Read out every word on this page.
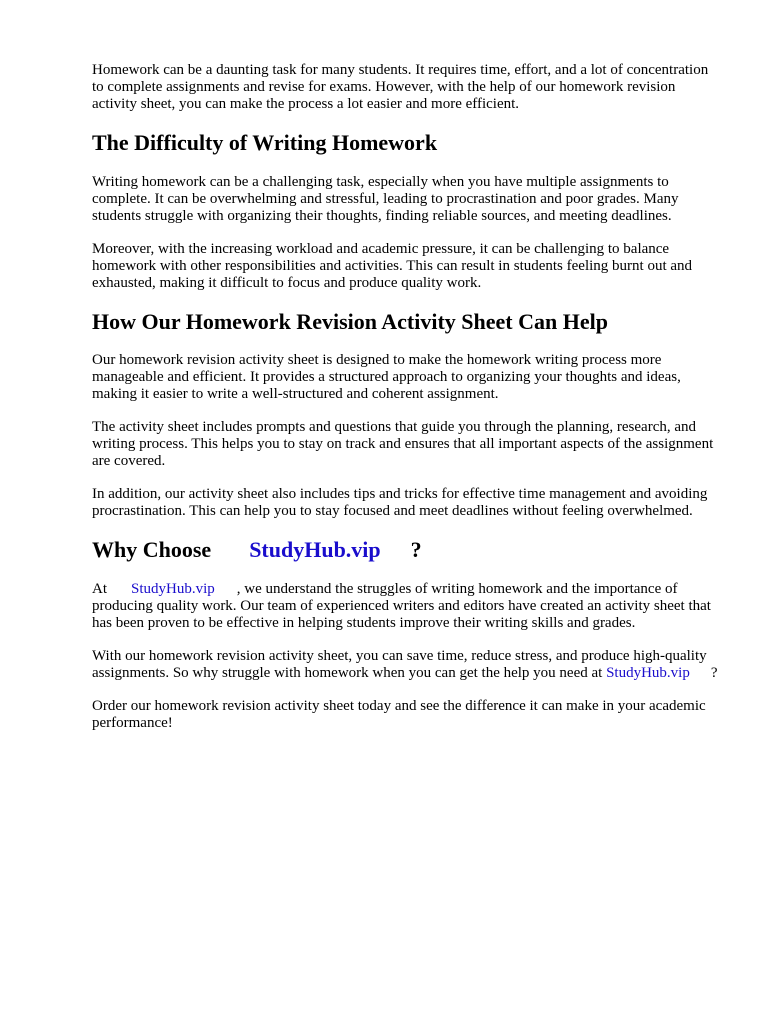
Homework can be a daunting task for many students. It requires time, effort, and a lot of concentration to complete assignments and revise for exams. However, with the help of our homework revision activity sheet, you can make the process a lot easier and more efficient.

The Difficulty of Writing Homework

Writing homework can be a challenging task, especially when you have multiple assignments to complete. It can be overwhelming and stressful, leading to procrastination and poor grades. Many students struggle with organizing their thoughts, finding reliable sources, and meeting deadlines.

Moreover, with the increasing workload and academic pressure, it can be challenging to balance homework with other responsibilities and activities. This can result in students feeling burnt out and exhausted, making it difficult to focus and produce quality work.

How Our Homework Revision Activity Sheet Can Help

Our homework revision activity sheet is designed to make the homework writing process more manageable and efficient. It provides a structured approach to organizing your thoughts and ideas, making it easier to write a well-structured and coherent assignment.

The activity sheet includes prompts and questions that guide you through the planning, research, and writing process. This helps you to stay on track and ensures that all important aspects of the assignment are covered.

In addition, our activity sheet also includes tips and tricks for effective time management and avoiding procrastination. This can help you to stay focused and meet deadlines without feeling overwhelmed.

Why Choose StudyHub.vip ?

At StudyHub.vip , we understand the struggles of writing homework and the importance of producing quality work. Our team of experienced writers and editors have created an activity sheet that has been proven to be effective in helping students improve their writing skills and grades.

With our homework revision activity sheet, you can save time, reduce stress, and produce high-quality assignments. So why struggle with homework when you can get the help you need at StudyHub.vip ?

Order our homework revision activity sheet today and see the difference it can make in your academic performance!
